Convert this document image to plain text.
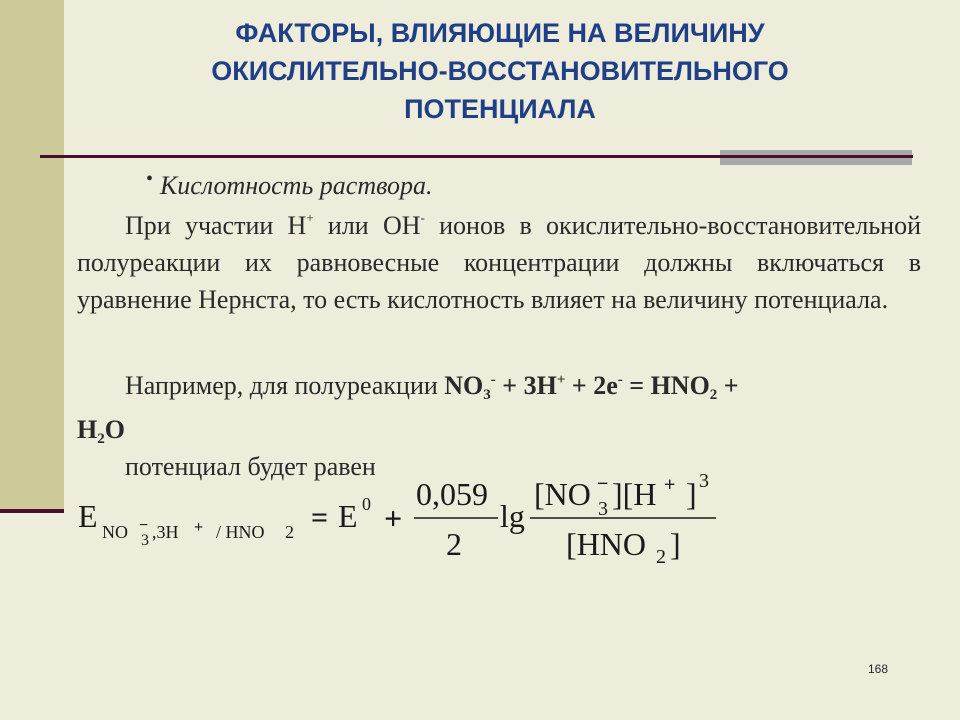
ФАКТОРЫ, ВЛИЯЮЩИЕ НА ВЕЛИЧИНУ
ОКИСЛИТЕЛЬНО-ВОССТАНОВИТЕЛЬНОГО
ПОТЕНЦИАЛА
• Кислотность раствора.
При участии H+ или OH- ионов в окислительно-восстановительной полуреакции их равновесные концентрации должны включаться в уравнение Нернста, то есть кислотность влияет на величину потенциала.
Например, для полуреакции $NO_3^- + 3H^+ + 2e^- = HNO_2$ +
$H_2O$
потенциал будет равен
E NO −
3 ,3H + / HNO 2 = E 0 +
0,059
2
lg
[NO −
3 ][H + ] 3
[HNO 2 ]
168
